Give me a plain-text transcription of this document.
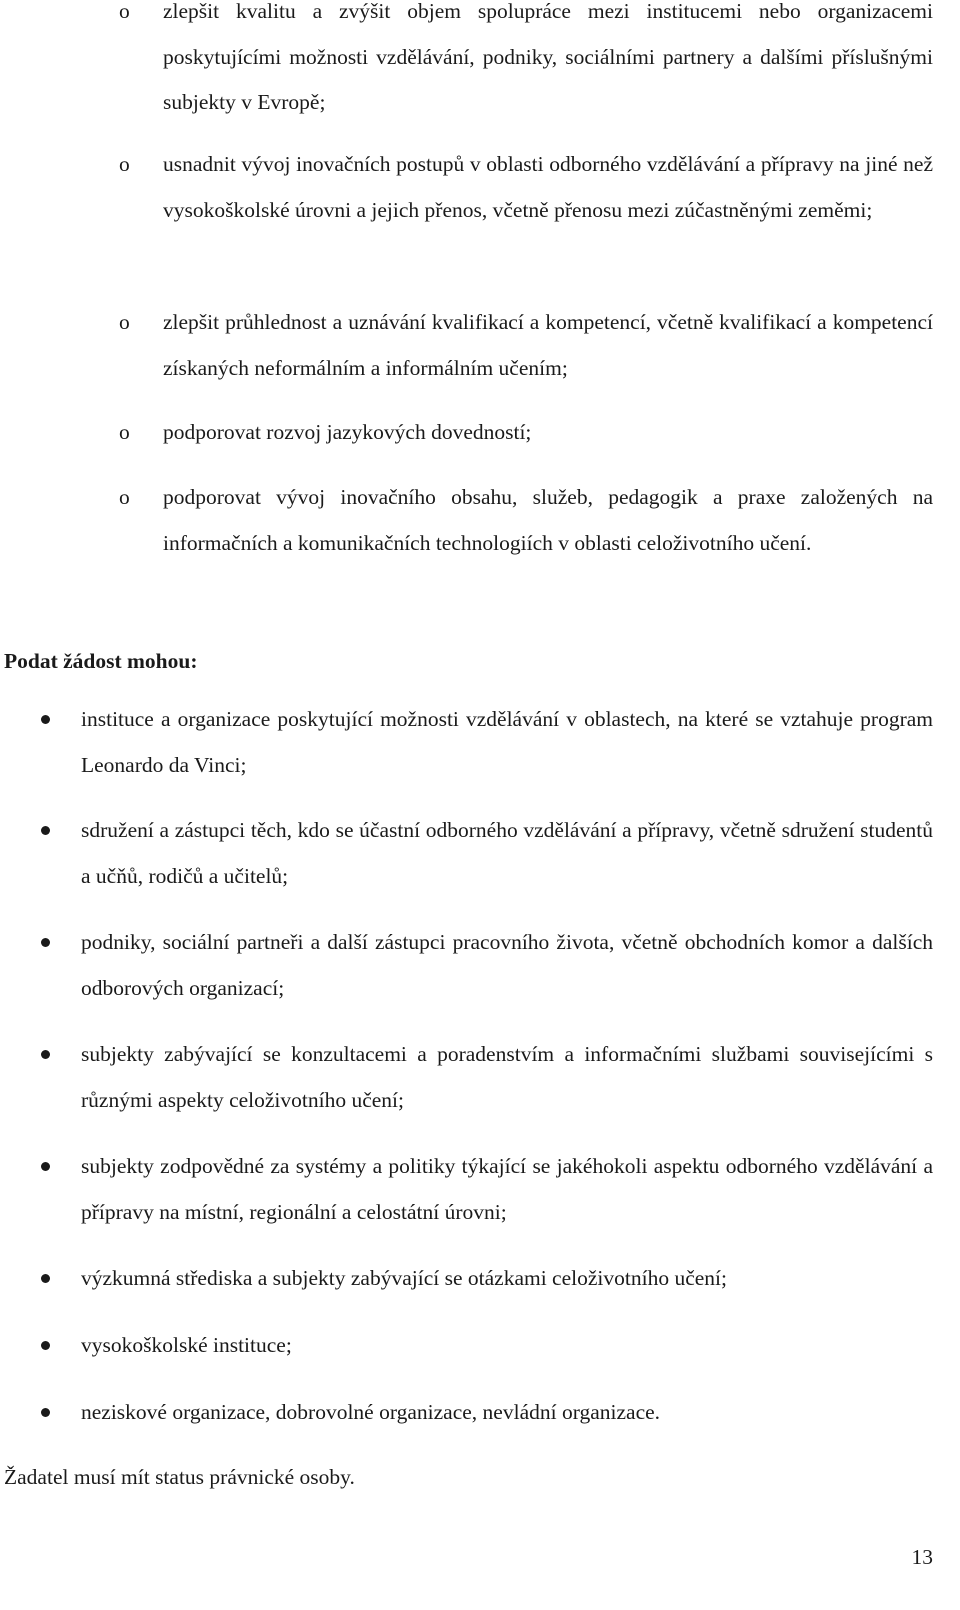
o zlepšit kvalitu a zvýšit objem spolupráce mezi institucemi nebo organizacemi poskytujícími možnosti vzdělávání, podniky, sociálními partnery a dalšími příslušnými subjekty v Evropě;
o usnadnit vývoj inovačních postupů v oblasti odborného vzdělávání a přípravy na jiné než vysokoškolské úrovni a jejich přenos, včetně přenosu mezi zúčastněnými zeměmi;
o zlepšit průhlednost a uznávání kvalifikací a kompetencí, včetně kvalifikací a kompetencí získaných neformálním a informálním učením;
o podporovat rozvoj jazykových dovedností;
o podporovat vývoj inovačního obsahu, služeb, pedagogik a praxe založených na informačních a komunikačních technologiích v oblasti celoživotního učení.
Podat žádost mohou:
instituce a organizace poskytující možnosti vzdělávání v oblastech, na které se vztahuje program Leonardo da Vinci;
sdružení a zástupci těch, kdo se účastní odborného vzdělávání a přípravy, včetně sdružení studentů a učňů, rodičů a učitelů;
podniky, sociální partneři a další zástupci pracovního života, včetně obchodních komor a dalších odborových organizací;
subjekty zabývající se konzultacemi a poradenstvím a informačními službami souvisejícími s různými aspekty celoživotního učení;
subjekty zodpovědné za systémy a politiky týkající se jakéhokoli aspektu odborného vzdělávání a přípravy na místní, regionální a celostátní úrovni;
výzkumná střediska a subjekty zabývající se otázkami celoživotního učení;
vysokoškolské instituce;
neziskové organizace, dobrovolné organizace, nevládní organizace.

Žadatel musí mít status právnické osoby.

13
